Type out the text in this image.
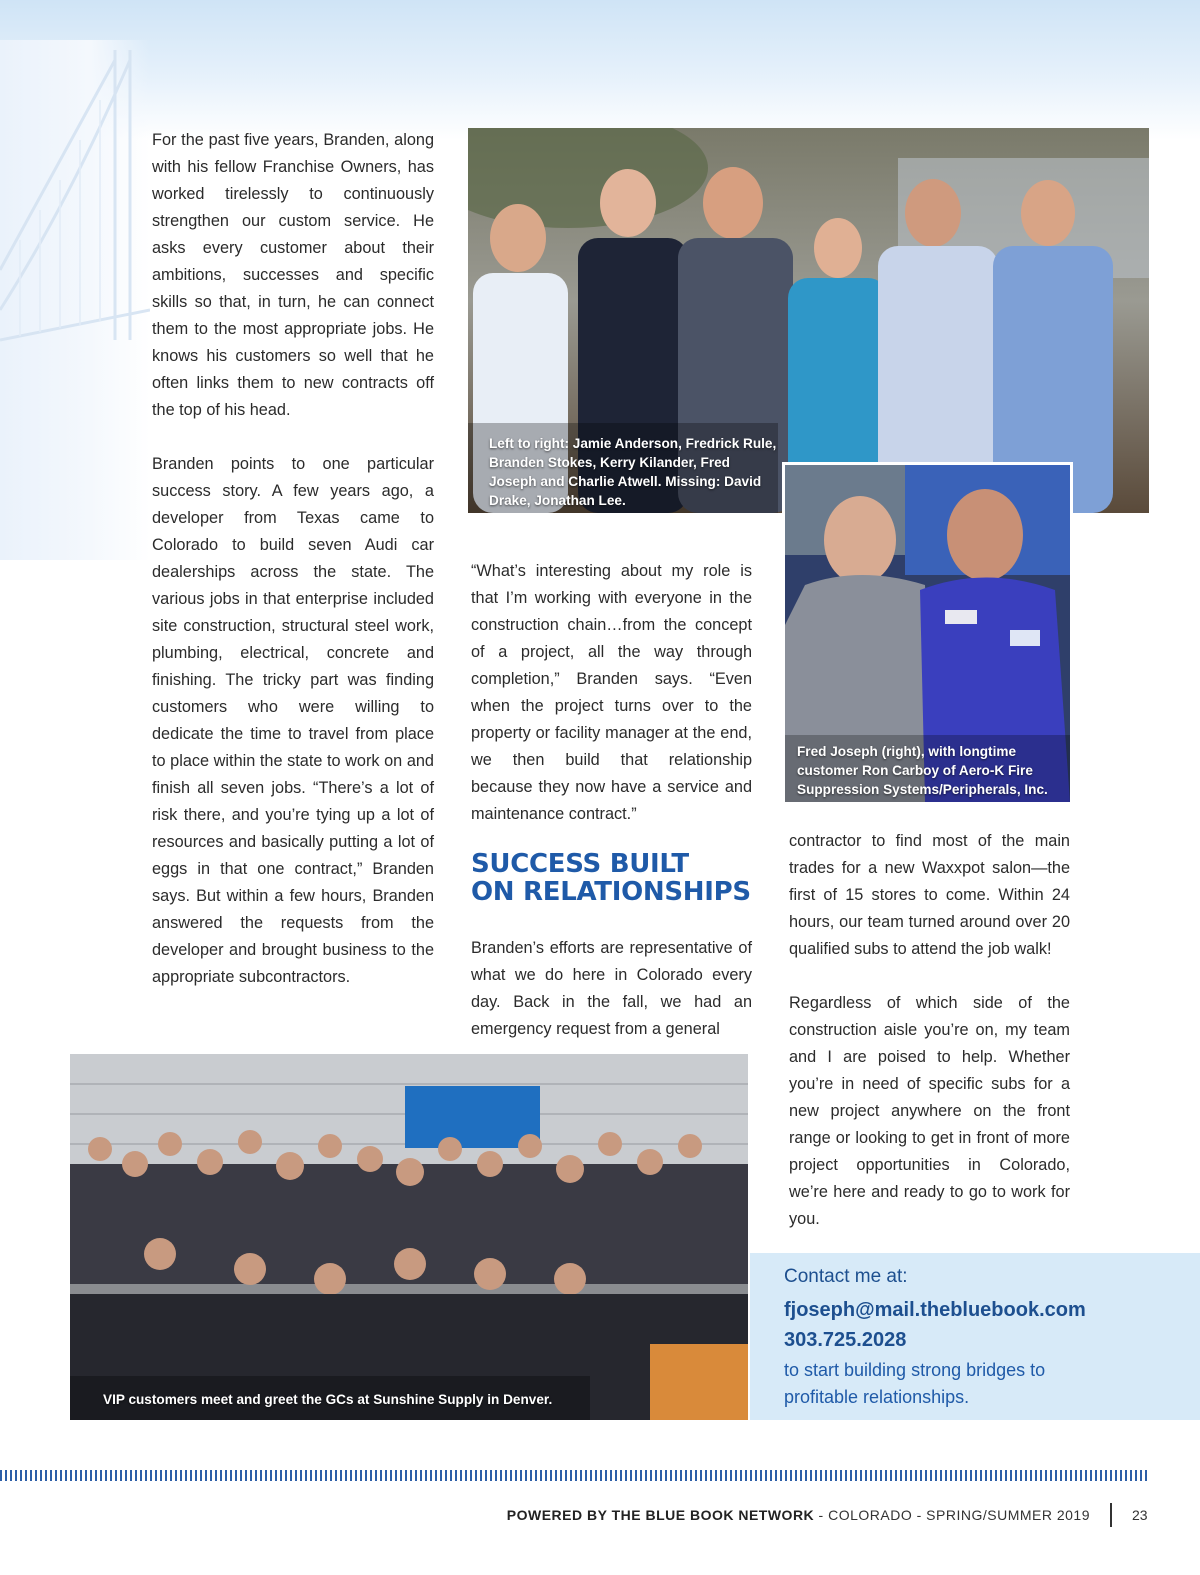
For the past five years, Branden, along with his fellow Franchise Owners, has worked tirelessly to continuously strengthen our custom service. He asks every customer about their ambitions, successes and specific skills so that, in turn, he can connect them to the most appropriate jobs. He knows his customers so well that he often links them to new contracts off the top of his head.

Branden points to one particular success story. A few years ago, a developer from Texas came to Colorado to build seven Audi car dealerships across the state. The various jobs in that enterprise included site construction, structural steel work, plumbing, electrical, concrete and finishing. The tricky part was finding customers who were willing to dedicate the time to travel from place to place within the state to work on and finish all seven jobs. “There’s a lot of risk there, and you’re tying up a lot of resources and basically putting a lot of eggs in that one contract,” Branden says. But within a few hours, Branden answered the requests from the developer and brought business to the appropriate subcontractors.

Left to right: Jamie Anderson, Fredrick Rule, Branden Stokes, Kerry Kilander, Fred Joseph and Charlie Atwell. Missing: David Drake, Jonathan Lee.
Fred Joseph (right), with longtime customer Ron Carboy of Aero-K Fire Suppression Systems/Peripherals, Inc.

“What’s interesting about my role is that I’m working with everyone in the construction chain…from the concept of a project, all the way through completion,” Branden says. “Even when the project turns over to the property or facility manager at the end, we then build that relationship because they now have a service and maintenance contract.”

SUCCESS BUILT
ON RELATIONSHIPS

Branden’s efforts are representative of what we do here in Colorado every day. Back in the fall, we had an emergency request from a general

contractor to find most of the main trades for a new Waxxpot salon—the first of 15 stores to come. Within 24 hours, our team turned around over 20 qualified subs to attend the job walk!

Regardless of which side of the construction aisle you’re on, my team and I are poised to help. Whether you’re in need of specific subs for a new project anywhere on the front range or looking to get in front of more project opportunities in Colorado, we’re here and ready to go to work for you.

VIP customers meet and greet the GCs at Sunshine Supply in Denver.
Contact me at:
fjoseph@mail.thebluebook.com
303.725.2028
to start building strong bridges to profitable relationships.
POWERED BY THE BLUE BOOK NETWORK - COLORADO - SPRING/SUMMER 2019	23
